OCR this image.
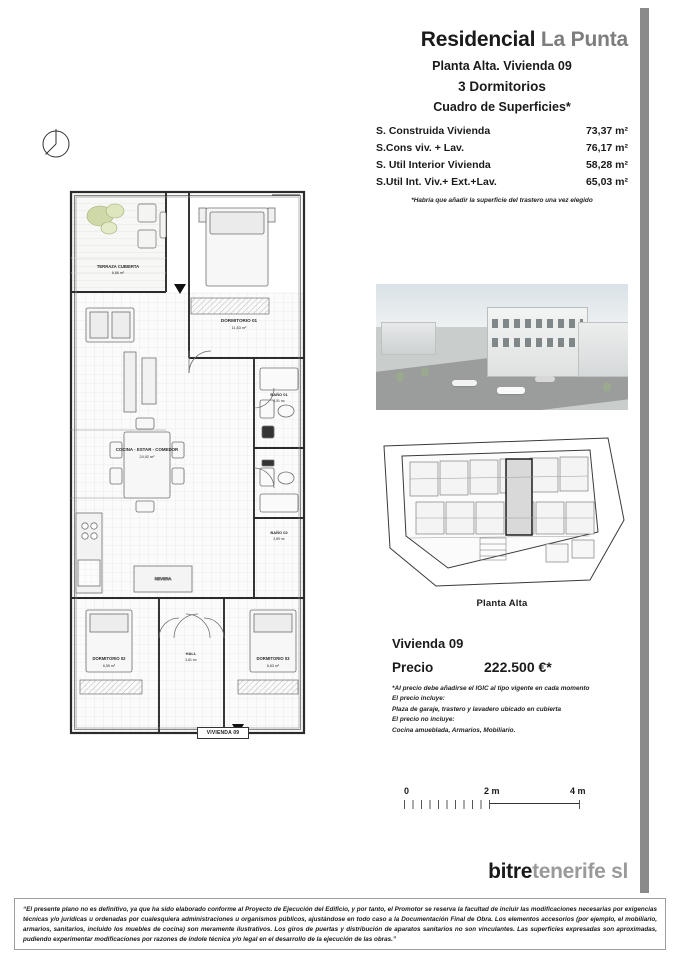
NEVERA
TERRAZA CUBIERTA
6,86 m²
DORMITORIO 01
11,63 m²
BAÑO 01
3,91 m²
COCINA - ESTAR - COMEDOR
24,92 m²
BAÑO 02
3,89 m²
DORMITORIO 02
6,55 m²
HALL
3,81 m²	DORMITORIO 03
6,63 m²
VIVIENDA 09
Residencial La Punta
Planta Alta. Vivienda 09
3 Dormitorios
Cuadro de Superficies*
S. Construida Vivienda	73,37 m²
S.Cons viv. + Lav.	76,17 m²
S. Util Interior Vivienda	58,28 m²
S.Util Int. Viv.+ Ext.+Lav.	65,03 m²
*Habría que añadir la superficie del trastero una vez elegido
Planta Alta
Vivienda 09
Precio	222.500 €*
*Al precio debe añadirse el IGIC al tipo vigente en cada momento
El precio incluye:
Plaza de garaje, trastero y lavadero ubicado en cubierta
El precio no incluye:
Cocina amueblada, Armarios, Mobiliario.
0	2 m	4 m
bitretenerife sl
“El presente plano no es definitivo, ya que ha sido elaborado conforme al Proyecto de Ejecución del Edificio, y por tanto, el Promotor se reserva la facultad de incluir las modificaciones necesarias por exigencias técnicas y/o jurídicas u ordenadas por cualesquiera administraciones u organismos públicos, ajustándose en todo caso a la Documentación Final de Obra. Los elementos accesorios (por ejemplo, el mobiliario, armarios, sanitarios, incluido los muebles de cocina) son meramente ilustrativos. Los giros de puertas y distribución de aparatos sanitarios no son vinculantes. Las superficies expresadas son aproximadas, pudiendo experimentar modificaciones por razones de índole técnica y/o legal en el desarrollo de la ejecución de las obras.”
